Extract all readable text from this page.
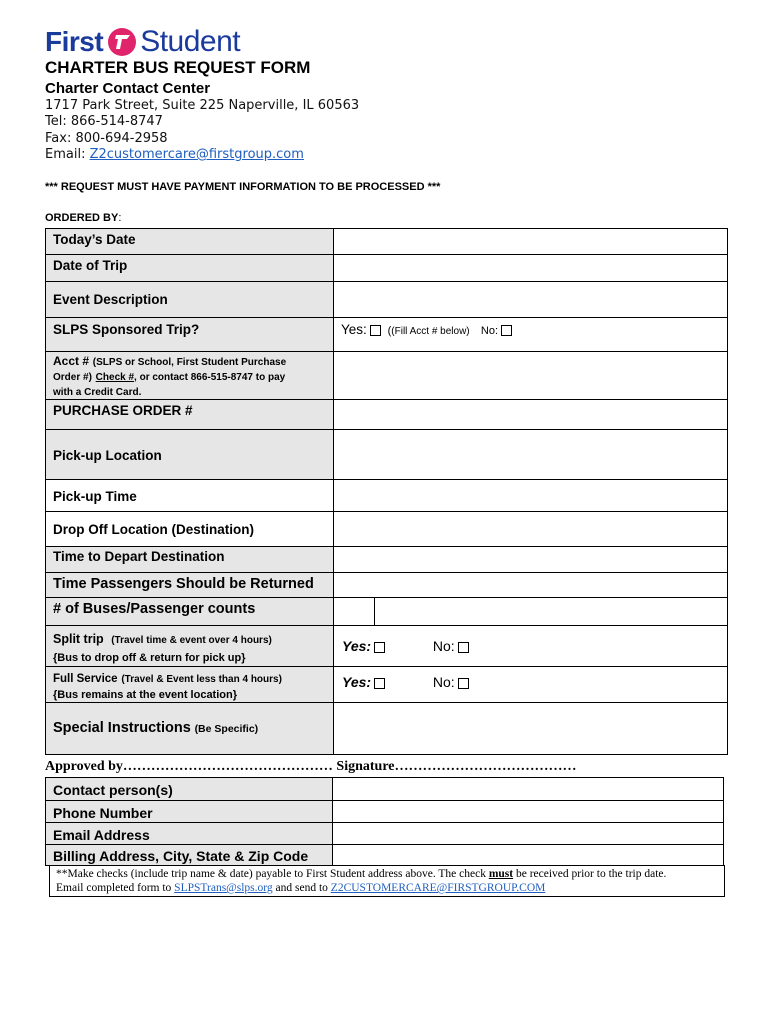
First Student
CHARTER BUS REQUEST FORM
Charter Contact Center
1717 Park Street, Suite 225 Naperville, IL 60563
Tel: 866-514-8747
Fax: 800-694-2958
Email: Z2customercare@firstgroup.com
*** REQUEST MUST HAVE PAYMENT INFORMATION TO BE PROCESSED ***
ORDERED BY:
Today’s Date		
Date of Trip		
Event Description		
SLPS Sponsored Trip?	Yes:  ((Fill Acct # below) No:	
Acct # (SLPS or School, First Student Purchase
Order #) Check #, or contact 866-515-8747 to pay
with a Credit Card.		
PURCHASE ORDER #		
Pick-up Location		
Pick-up Time		
Drop Off Location (Destination)		
Time to Depart Destination		
Time Passengers Should be Returned		
# of Buses/Passenger counts		
Split trip (Travel time & event over 4 hours)
{Bus to drop off & return for pick up}	Yes: No:	
Full Service (Travel & Event less than 4 hours)
{Bus remains at the event location}	Yes: No:	
Special Instructions (Be Specific)		
Approved by……………………………………… Signature…………………………………
Contact person(s)	
Phone Number	
Email Address	
Billing Address, City, State & Zip Code	
**Make checks (include trip name & date) payable to First Student address above. The check must be received prior to the trip date.
Email completed form to SLPSTrans@slps.org and send to Z2CUSTOMERCARE@FIRSTGROUP.COM
